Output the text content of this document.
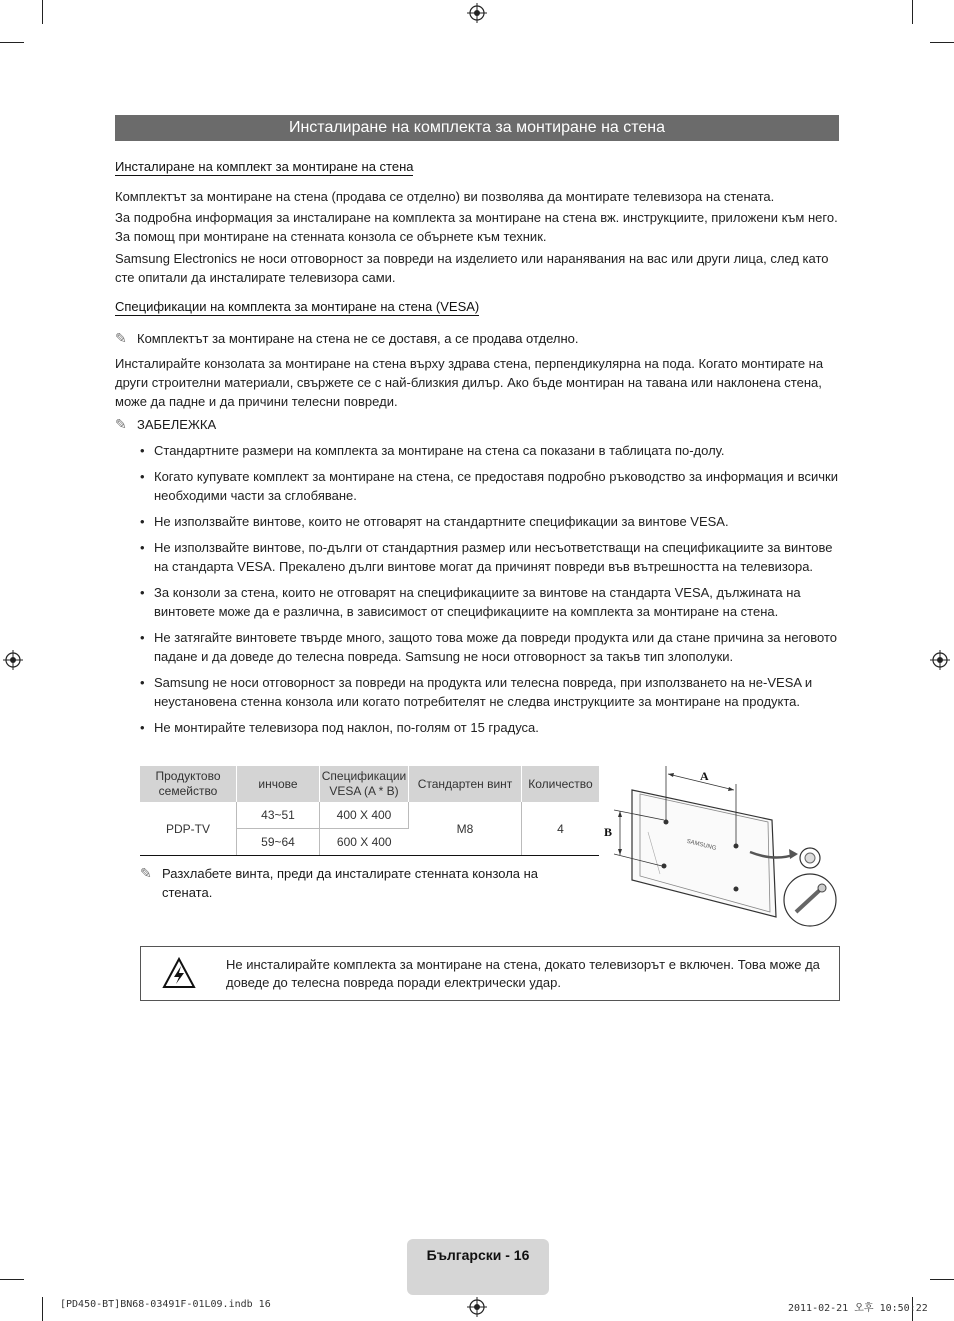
Инсталиране на комплекта за монтиране на стена
Инсталиране на комплект за монтиране на стена
Комплектът за монтиране на стена (продава се отделно) ви позволява да монтирате телевизора на стената.
За подробна информация за инсталиране на комплекта за монтиране на стена вж. инструкциите, приложени към него. За помощ при монтиране на стенната конзола се обърнете към техник.
Samsung Electronics не носи отговорност за повреди на изделието или наранявания на вас или други лица, след като сте опитали да инсталирате телевизора сами.
Спецификации на комплекта за монтиране на стена (VESA)
✎ Комплектът за монтиране на стена не се доставя, а се продава отделно.
Инсталирайте конзолата за монтиране на стена върху здрава стена, перпендикулярна на пода. Когато монтирате на други строителни материали, свържете се с най-близкия дилър. Ако бъде монтиран на тавана или наклонена стена, може да падне и да причини телесни повреди.
✎ ЗАБЕЛЕЖКА
• Стандартните размери на комплекта за монтиране на стена са показани в таблицата по-долу.
• Когато купувате комплект за монтиране на стена, се предоставя подробно ръководство за информация и всички необходими части за сглобяване.
• Не използвайте винтове, които не отговарят на стандартните спецификации за винтове VESA.
• Не използвайте винтове, по-дълги от стандартния размер или несъответстващи на спецификациите за винтове на стандарта VESA. Прекалено дълги винтове могат да причинят повреди във вътрешността на телевизора.
• За конзоли за стена, които не отговарят на спецификациите за винтове на стандарта VESA, дължината на винтовете може да е различна, в зависимост от спецификациите на комплекта за монтиране на стена.
• Не затягайте винтовете твърде много, защото това може да повреди продукта или да стане причина за неговото падане и да доведе до телесна повреда. Samsung не носи отговорност за такъв тип злополуки.
• Samsung не носи отговорност за повреди на продукта или телесна повреда, при използването на не-VESA и неустановена стенна конзола или когато потребителят не следва инструкциите за монтиране на продукта.
• Не монтирайте телевизора под наклон, по-голям от 15 градуса.
Продуктово семейство	инчове	Спецификации VESA (A * B)	Стандартен винт	Количество
PDP-TV	43~51	400 X 400	M8	4
	59~64	600 X 400			SAMSUNG
A
B
✎ Разхлабете винта, преди да инсталирате стенната конзола на стената.
Не инсталирайте комплекта за монтиране на стена, докато телевизорът е включен. Това може да доведе до телесна повреда поради електрически удар.
Български - 16
[PD450-BT]BN68-03491F-01L09.indb 16	2011-02-21 오후 10:50:22
